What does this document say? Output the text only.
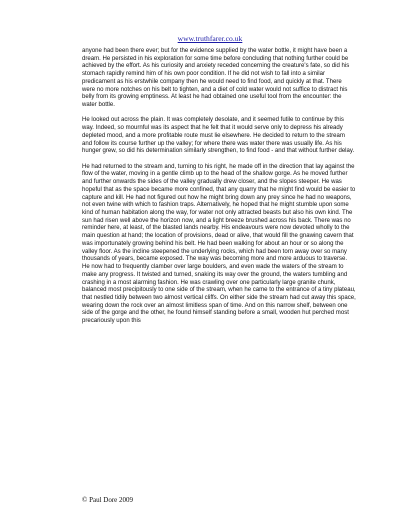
www.truthfarer.co.uk

anyone had been there ever; but for the evidence supplied by the water bottle, it might have been a dream. He persisted in his exploration for some time before concluding that nothing further could be achieved by the effort. As his curiosity and anxiety receded concerning the creature's fate, so did his stomach rapidly remind him of his own poor condition. If he did not wish to fall into a similar predicament as his erstwhile company then he would need to find food, and quickly at that. There were no more notches on his belt to tighten, and a diet of cold water would not suffice to distract his belly from its growing emptiness. At least he had obtained one useful tool from the encounter: the water bottle.

He looked out across the plain. It was completely desolate, and it seemed futile to continue by this way. Indeed, so mournful was its aspect that he felt that it would serve only to depress his already depleted mood, and a more profitable route must lie elsewhere. He decided to return to the stream and follow its course further up the valley; for where there was water there was usually life. As his hunger grew, so did his determination similarly strengthen, to find food - and that without further delay.

He had returned to the stream and, turning to his right, he made off in the direction that lay against the flow of the water, moving in a gentle climb up to the head of the shallow gorge. As he moved further and further onwards the sides of the valley gradually drew closer, and the slopes steeper. He was hopeful that as the space became more confined, that any quarry that he might find would be easier to capture and kill. He had not figured out how he might bring down any prey since he had no weapons, not even twine with which to fashion traps. Alternatively, he hoped that he might stumble upon some kind of human habitation along the way, for water not only attracted beasts but also his own kind. The sun had risen well above the horizon now, and a light breeze brushed across his back. There was no reminder here, at least, of the blasted lands nearby. His endeavours were now devoted wholly to the main question at hand; the location of provisions, dead or alive, that would fill the gnawing cavern that was importunately growing behind his belt. He had been walking for about an hour or so along the valley floor. As the incline steepened the underlying rocks, which had been torn away over so many thousands of years, became exposed. The way was becoming more and more arduous to traverse. He now had to frequently clamber over large boulders, and even wade the waters of the stream to make any progress. It twisted and turned, snaking its way over the ground, the waters tumbling and crashing in a most alarming fashion. He was crawling over one particularly large granite chunk, balanced most precipitously to one side of the stream, when he came to the entrance of a tiny plateau, that nestled tidily between two almost vertical cliffs. On either side the stream had cut away this space, wearing down the rock over an almost limitless span of time. And on this narrow shelf, between one side of the gorge and the other, he found himself standing before a small, wooden hut perched most precariously upon this

© Paul Dore 2009
